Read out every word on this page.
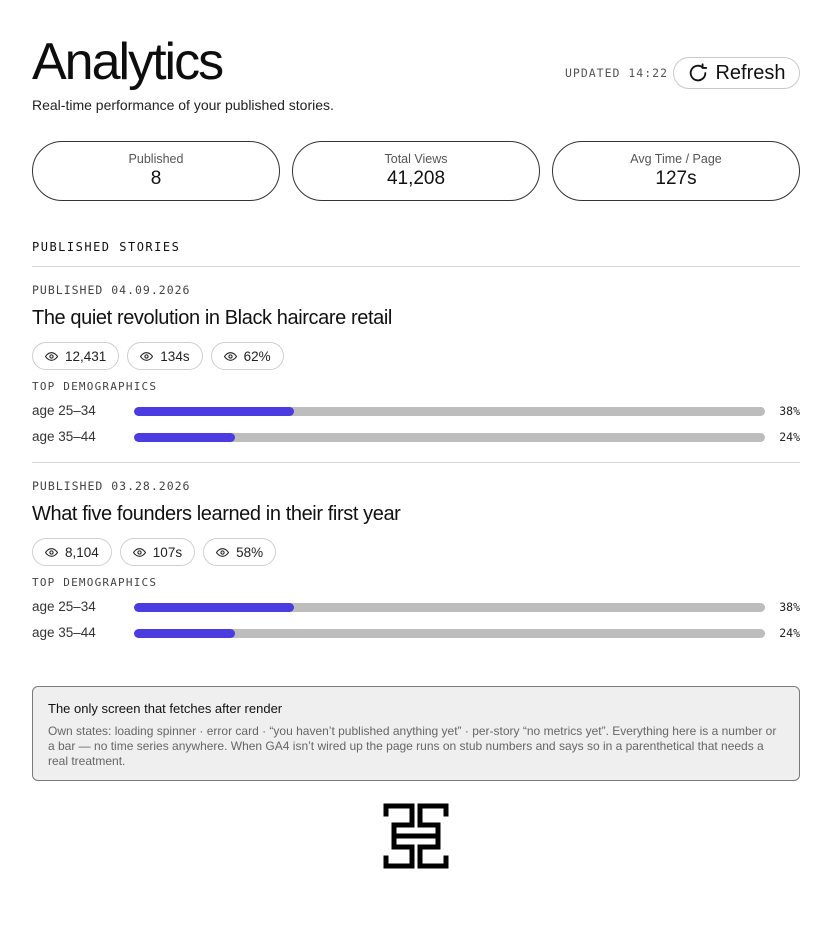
Analytics
Real-time performance of your published stories.
UPDATED 14:22 Refresh
Published
8
Total Views
41,208
Avg Time / Page
127s
PUBLISHED STORIES
PUBLISHED 04.09.2026
The quiet revolution in Black haircare retail
12,431	134s	62%
TOP DEMOGRAPHICS
age 25–34	38%
age 35–44	24%
PUBLISHED 03.28.2026
What five founders learned in their first year
8,104	107s	58%
TOP DEMOGRAPHICS
age 25–34	38%
age 35–44	24%
The only screen that fetches after render
Own states: loading spinner · error card · “you haven’t published anything yet” · per-story “no metrics yet”. Everything here is a number or a bar — no time series anywhere. When GA4 isn’t wired up the page runs on stub numbers and says so in a parenthetical that needs a real treatment.
